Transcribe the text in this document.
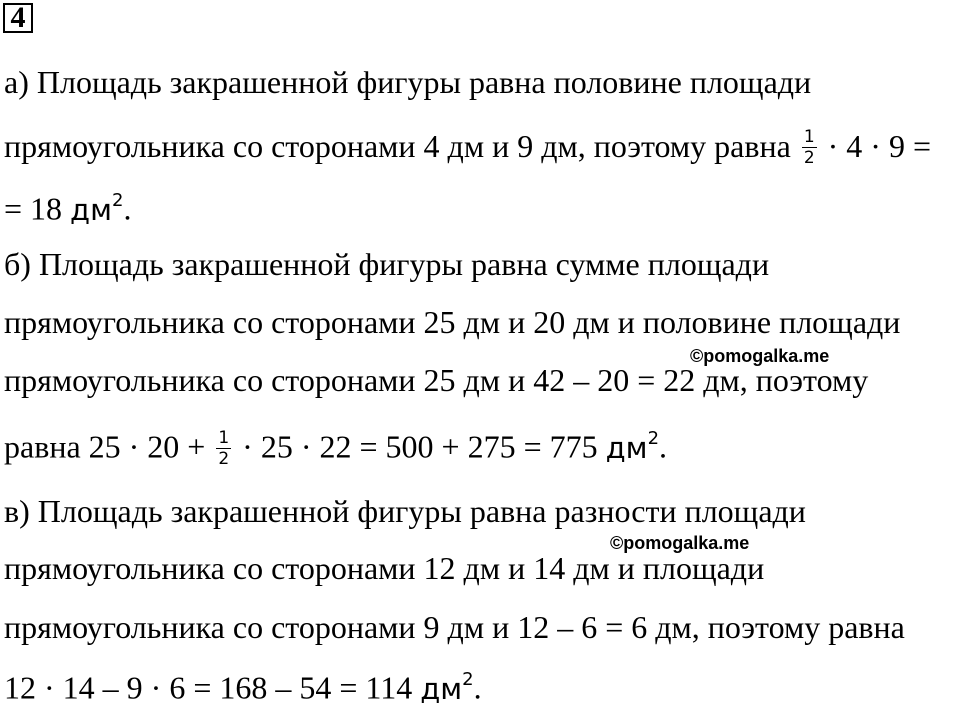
4
а) Площадь закрашенной фигуры равна половине площади
прямоугольника со сторонами 4 дм и 9 дм, поэтому равна $\frac{1}{2} \cdot 4 \cdot 9$ =
= 18 $дм^2$.
б) Площадь закрашенной фигуры равна сумме площади
прямоугольника со сторонами 25 дм и 20 дм и половине площади
©pomogalka.me
прямоугольника со сторонами 25 дм и 42 – 20 = 22 дм, поэтому
равна $25 \cdot 20 + \frac{1}{2} \cdot 25 \cdot 22 = 500 + 275 = 775$ $дм^2$.
в) Площадь закрашенной фигуры равна разности площади
©pomogalka.me
прямоугольника со сторонами 12 дм и 14 дм и площади
прямоугольника со сторонами 9 дм и 12 – 6 = 6 дм, поэтому равна
12 · 14 – 9 · 6 = 168 – 54 = 114 $дм^2$.
